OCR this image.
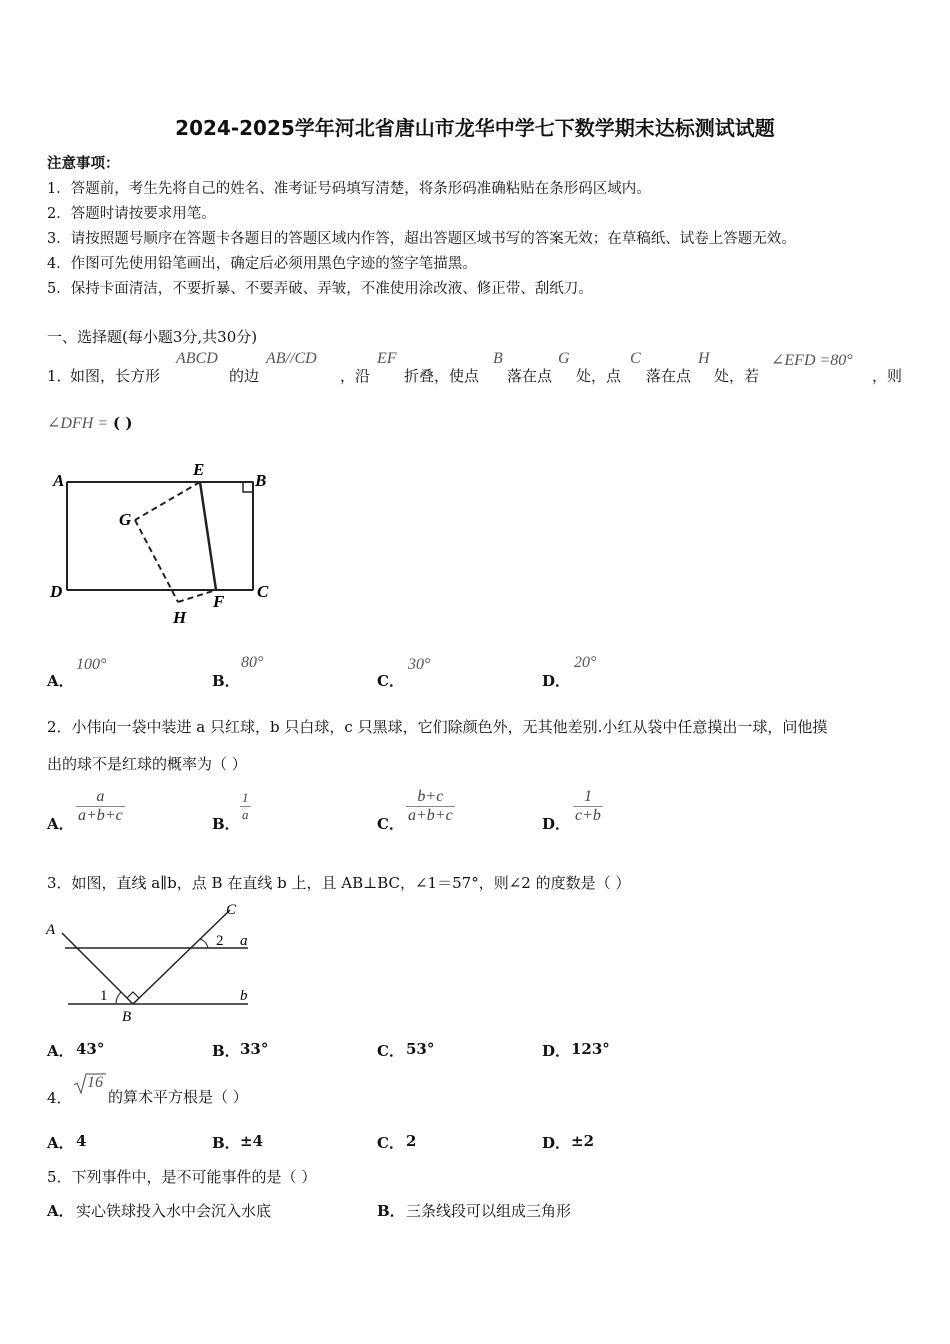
2024-2025学年河北省唐山市龙华中学七下数学期末达标测试试题
注意事项：
1．答题前，考生先将自己的姓名、准考证号码填写清楚，将条形码准确粘贴在条形码区域内。
2．答题时请按要求用笔。
3．请按照题号顺序在答题卡各题目的答题区域内作答，超出答题区域书写的答案无效；在草稿纸、试卷上答题无效。
4．作图可先使用铅笔画出，确定后必须用黑色字迹的签字笔描黑。
5．保持卡面清洁，不要折暴、不要弄破、弄皱，不准使用涂改液、修正带、刮纸刀。
一、选择题(每小题3分,共30分)
1．
如图，长方形
ABCD
的边
AB//CD
，沿
EF
折叠，使点
B
落在点
G
处，点
C
落在点
H
处，若
∠EFD =80°
，则
∠DFH = ( )
A
E
B
G
D	C
F
H
A．
100°
B．
80°
C．
30°
D．
20°
2．小伟向一袋中装进 a 只红球，b 只白球，c 只黑球，它们除颜色外，无其他差别.小红从袋中任意摸出一球，问他摸
出的球不是红球的概率为（ ）
A． $\frac{a}{a+b+c}$	B．
$\frac{1}{a}$
C． $\frac{b+c}{a+b+c}$	D． $\frac{1}{c+b}$
3．如图，直线 a∥b，点 B 在直线 b 上，且 AB⊥BC，∠1＝57°，则∠2 的度数是（ ）
A
C
B
a
b
1
2
A． 43°	B． 33°	C． 53°	D． 123°
4．
16
的算术平方根是（ ）
A． 4	B． ±4	C． 2	D． ±2
5．下列事件中，是不可能事件的是（ ）
A． 实心铁球投入水中会沉入水底	B． 三条线段可以组成三角形
